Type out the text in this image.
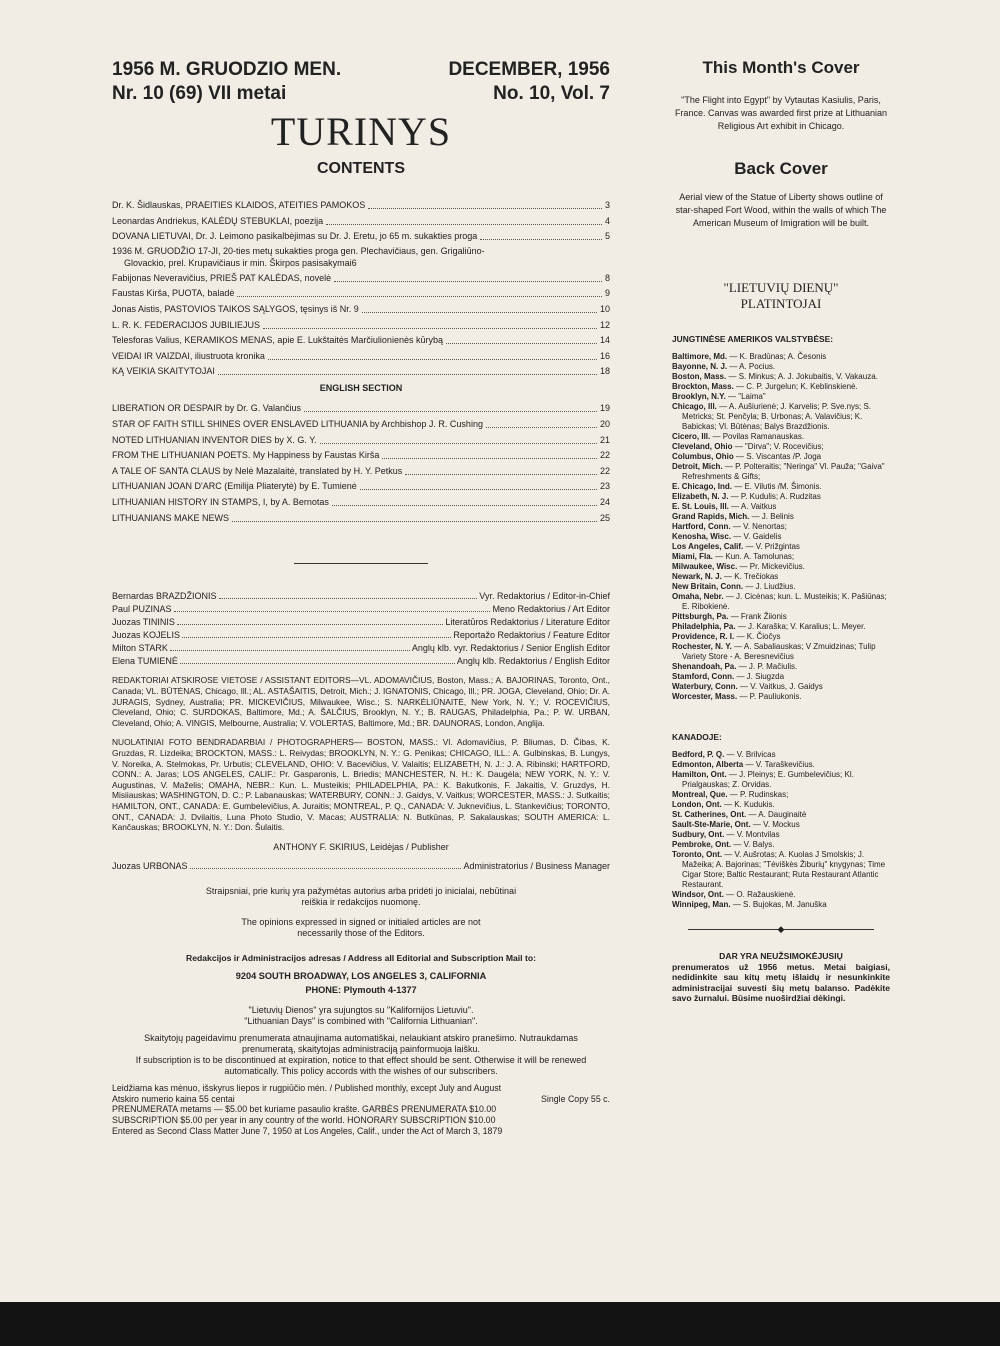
1956 M. GRUODZIO MEN.
Nr. 10 (69) VII metai
DECEMBER, 1956
No. 10, Vol. 7
TURINYS
CONTENTS
Dr. K. Šidlauskas, PRAEITIES KLAIDOS, ATEITIES PAMOKOS	3
Leonardas Andriekus, KALĖDŲ STEBUKLAI, poezija	4
DOVANA LIETUVAI, Dr. J. Leimono pasikalbėjimas su Dr. J. Eretu, jo 65 m. sukakties proga	5
1936 M. GRUODŽIO 17-JI, 20-ties metų sukakties proga gen. Plechavičiaus, gen. Grigaliūno-
Glovackio, prel. Krupavičiaus ir min. Škirpos pasisakymai 6
Fabijonas Neveravičius, PRIEŠ PAT KALĖDAS, novelė	8
Faustas Kirša, PUOTA, baladė	9
Jonas Aistis, PASTOVIOS TAIKOS SĄLYGOS, tęsinys iš Nr. 9	10
L. R. K. FEDERACIJOS JUBILIEJUS	12
Telesforas Valius, KERAMIKOS MENAS, apie E. Lukštaitės Marčiulionienės kūrybą	14
VEIDAI IR VAIZDAI, iliustruota kronika	16
KĄ VEIKIA SKAITYTOJAI	18
ENGLISH SECTION
LIBERATION OR DESPAIR by Dr. G. Valančius	19
STAR OF FAITH STILL SHINES OVER ENSLAVED LITHUANIA by Archbishop J. R. Cushing	20
NOTED LITHUANIAN INVENTOR DIES by X. G. Y.	21
FROM THE LITHUANIAN POETS. My Happiness by Faustas Kirša	22
A TALE OF SANTA CLAUS by Nelė Mazalaitė, translated by H. Y. Petkus	22
LITHUANIAN JOAN D'ARC (Emilija Pliaterytė) by E. Tumienė	23
LITHUANIAN HISTORY IN STAMPS, I, by A. Bernotas	24
LITHUANIANS MAKE NEWS	25
Bernardas BRAZDŽIONIS	Vyr. Redaktorius / Editor-in-Chief
Paul PUZINAS	Meno Redaktorius / Art Editor
Juozas TININIS	Literatūros Redaktorius / Literature Editor
Juozas KOJELIS	Reportažo Redaktorius / Feature Editor
Milton STARK	Anglų klb. vyr. Redaktorius / Senior English Editor
Elena TUMIENĖ	Anglų klb. Redaktorius / English Editor
REDAKTORIAI ATSKIROSE VIETOSE / ASSISTANT EDITORS—VL. ADOMAVIČIUS, Boston, Mass.; A. BAJORINAS, Toronto, Ont., Canada; VL. BŪTĖNAS, Chicago, Ill.; AL. ASTAŠAITIS, Detroit, Mich.; J. IGNATONIS, Chicago, Ill.; PR. JOGA, Cleveland, Ohio; Dr. A. JURAGIS, Sydney, Australia; PR. MICKEVIČIUS, Milwaukee, Wisc.; S. NARKĖLIŪNAITĖ, New York, N. Y.; V. ROCEVIČIUS, Cleveland, Ohio; C. SURDOKAS, Baltimore, Md.; A. ŠALČIUS, Brooklyn, N. Y.; B. RAUGAS, Philadelphia, Pa.; P. W. URBAN, Cleveland, Ohio; A. VINGIS, Melbourne, Australia; V. VOLERTAS, Baltimore, Md.; BR. DAUNORAS, London, Anglija.
NUOLATINIAI FOTO BENDRADARBIAI / PHOTOGRAPHERS— BOSTON, MASS.: Vl. Adomavičius, P. Bliumas, D. Čibas, K. Gruzdas, R. Lizdeika; BROCKTON, MASS.: L. Reivydas; BROOKLYN, N. Y.: G. Penikas; CHICAGO, ILL.: A. Gulbinskas, B. Lungys, V. Noreika, A. Stelmokas, Pr. Urbutis; CLEVELAND, OHIO: V. Bacevičius, V. Valaitis; ELIZABETH, N. J.: J. A. Ribinski; HARTFORD, CONN.: A. Jaras; LOS ANGELES, CALIF.: Pr. Gasparonis, L. Briedis; MANCHESTER, N. H.: K. Daugėla; NEW YORK, N. Y.: V. Augustinas, V. Maželis; OMAHA, NEBR.: Kun. L. Musteikis; PHILADELPHIA, PA.: K. Bakutkonis, F. Jakaitis, V. Gruzdys, H. Misiiauskas; WASHINGTON, D. C.: P. Labanauskas; WATERBURY, CONN.: J. Gaidys, V. Vaitkus; WORCESTER, MASS.: J. Sutkaitis; HAMILTON, ONT., CANADA: E. Gumbelevičius, A. Juraitis; MONTREAL, P. Q., CANADA: V. Juknevičius, L. Stankevičius; TORONTO, ONT., CANADA: J. Dvilaitis, Luna Photo Studio, V. Macas; AUSTRALIA: N. Butkūnas, P. Sakalauskas; SOUTH AMERICA: L. Kančauskas; BROOKLYN, N. Y.: Don. Šulaitis.
ANTHONY F. SKIRIUS, Leidėjas / Publisher
Juozas URBONAS	Administratorius / Business Manager
Straipsniai, prie kurių yra pažymėtas autorius arba pridėti jo inicialai, nebūtinai reiškia ir redakcijos nuomonę.
The opinions expressed in signed or initialed articles are not necessarily those of the Editors.
Redakcijos ir Administracijos adresas / Address all Editorial and Subscription Mail to:
9204 SOUTH BROADWAY, LOS ANGELES 3, CALIFORNIA
PHONE: Plymouth 4-1377
"Lietuvių Dienos" yra sujungtos su "Kalifornijos Lietuviu".
"Lithuanian Days" is combined with "California Lithuanian".
Skaitytojų pageidavimu prenumerata atnaujinama automatiškai, nelaukiant atskiro pranešimo. Nutraukdamas prenumeratą, skaitytojas administraciją painformuoja laišku.
If subscription is to be discontinued at expiration, notice to that effect should be sent. Otherwise it will be renewed automatically. This policy accords with the wishes of our subscribers.
Leidžiama kas mėnuo, išskyrus liepos ir rugpiūčio mėn. / Published monthly, except July and August
Atskiro numerio kaina 55 centai	Single Copy 55 c.
PRENUMERATA metams — $5.00 bet kuriame pasaulio krašte. GARBĖS PRENUMERATA $10.00
SUBSCRIPTION $5.00 per year in any country of the world. HONORARY SUBSCRIPTION $10.00
Entered as Second Class Matter June 7, 1950 at Los Angeles, Calif., under the Act of March 3, 1879
This Month's Cover
"The Flight into Egypt" by Vytautas Kasiulis, Paris, France. Canvas was awarded first prize at Lithuanian Religious Art exhibit in Chicago.
Back Cover
Aerial view of the Statue of Liberty shows outline of star-shaped Fort Wood, within the walls of which The American Museum of Imigration will be built.
"LIETUVIŲ DIENŲ" PLATINTOJAI
JUNGTINĖSE AMERIKOS VALSTYBĖSE:
Baltimore, Md. — K. Bradūnas; A. Česonis
Bayonne, N. J. — A. Pocius.
Boston, Mass. — S. Minkus; A. J. Jokubaitis, V. Vakauza.
Brockton, Mass. — C. P. Jurgelun; K. Keblinskienė.
Brooklyn, N.Y. — "Laima"
Chicago, Ill. — A. Aušiurienė; J. Karvelis; P. Sve.nys; S. Metricks; St. Penčyla; B. Urbonas; A. Valavičius; K. Babickas; Vl. Būtėnas; Balys Brazdžionis.
Cicero, Ill. — Povilas Ramanauskas.
Cleveland, Ohio — "Dirva"; V. Rocevičius;
Columbus, Ohio — S. Viscantas /P. Joga
Detroit, Mich. — P. Polteraitis; "Neringa" Vl. Pauža; "Gaiva" Refreshments & Gifts;
E. Chicago, Ind. — E. Vilutis /M. Šimonis.
Elizabeth, N. J. — P. Kudulis; A. Rudzitas
E. St. Louis, Ill. — A. Vaitkus
Grand Rapids, Mich. — J. Belinis
Hartford, Conn. — V. Nenortas;
Kenosha, Wisc. — V. Gaidelis
Los Angeles, Calif. — V. Prižgintas
Miami, Fla. — Kun. A. Tamolunas;
Milwaukee, Wisc. — Pr. Mickevičius.
Newark, N. J. — K. Trečiokas
New Britain, Conn. — J. Liudžius.
Omaha, Nebr. — J. Cicėnas; kun. L. Musteikis; K. Pašiūnas; E. Ribokienė.
Pittsburgh, Pa. — Frank Žiionis
Philadelphia, Pa. — J. Karaška; V. Karalius; L. Meyer.
Providence, R. I. — K. Čiočys
Rochester, N. Y. — A. Sabaliauskas; V Zmuidzinas; Tulip Variety Store - A. Beresnevičius
Shenandoah, Pa. — J. P. Mačiulis.
Stamford, Conn. — J. Siugzda
Waterbury, Conn. — V. Vaitkus, J. Gaidys
Worcester, Mass. — P. Pauliukonis.
KANADOJE:
Bedford, P. Q. — V. Brilvicas
Edmonton, Alberta — V. Taraškevičius.
Hamilton, Ont. — J. Pleinys; E. Gumbelevičius; Kl. Prialgauskas; Z. Orvidas.
Montreal, Que. — P. Rudinskas;
London, Ont. — K. Kudukis.
St. Catherines, Ont. — A. Dauginaitė
Sault-Ste-Marie, Ont. — V. Mockus
Sudbury, Ont. — V. Montvilas
Pembroke, Ont. — V. Balys.
Toronto, Ont. — V. Aušrotas; A. Kuolas J Smolskis; J. Mažeika; A. Bajorinas; "Tėviškės Žiburių" knygynas; Time Cigar Store; Baltic Restaurant; Ruta Restaurant Atlantic Restaurant.
Windsor, Ont. — O. Ražauskienė.
Winnipeg, Man. — S. Bujokas, M. Januška
◆
DAR YRA NEUŽSIMOKĖJUSIŲ
prenumeratos už 1956 metus. Metai baigiasi, nedidinkite sau kitų metų išlaidų ir nesunkinkite administracijai suvesti šių metų balanso. Padėkite savo žurnalui. Būsime nuoširdžiai dėkingi.
